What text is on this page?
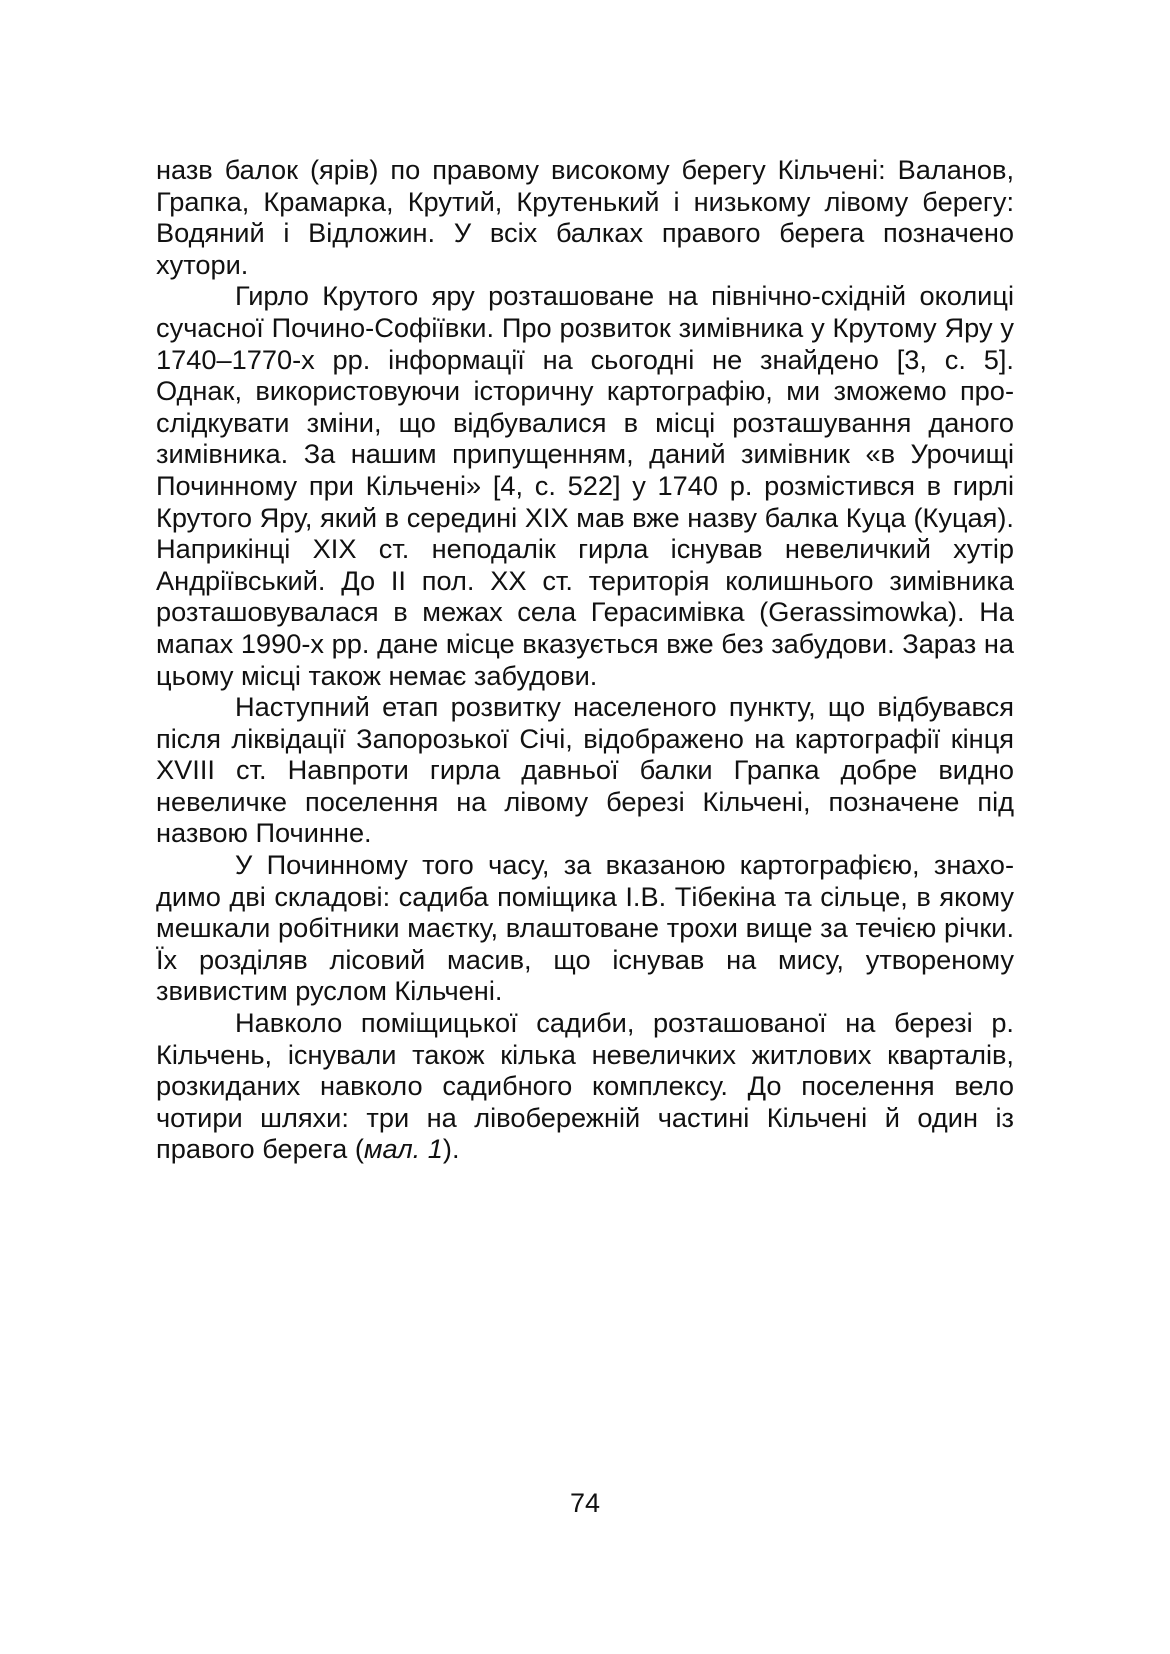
назв балок (ярів) по правому високому берегу Кільчені: Валанов, Грапка, Крамарка, Крутий, Крутенький і низькому лівому берегу: Водяний і Відложин. У всіх балках правого берега позначено хутори.

Гирло Крутого яру розташоване на північно-східній околиці сучасної Почино-Софіївки. Про розвиток зимівника у Крутому Яру у 1740–1770-х рр. інформації на сьогодні не знайдено [3, с. 5]. Однак, використовуючи історичну картографію, ми зможемо прослідкувати зміни, що відбувалися в місці розташування даного зимівника. За нашим припущенням, даний зимівник «в Урочищі Починному при Кільчені» [4, с. 522] у 1740 р. розмістився в гирлі Крутого Яру, який в середині ХІХ мав вже назву балка Куца (Куцая). Наприкінці ХІХ ст. неподалік гирла існував невеличкий хутір Андріївський. До ІІ пол. ХХ ст. територія колишнього зимівника розташовувалася в межах села Герасимівка (Gerassimowka). На мапах 1990-х рр. дане місце вказується вже без забудови. Зараз на цьому місці також немає забудови.

Наступний етап розвитку населеного пункту, що відбувався після ліквідації Запорозької Січі, відображено на картографії кінця ХVІІІ ст. Навпроти гирла давньої балки Грапка добре видно невеличке поселення на лівому березі Кільчені, позначене під назвою Починне.

У Починному того часу, за вказаною картографією, знаходимо дві складові: садиба поміщика І.В. Тібекіна та сільце, в якому мешкали робітники маєтку, влаштоване трохи вище за течією річки. Їх розділяв лісовий масив, що існував на мису, утвореному звивистим руслом Кільчені.

Навколо поміщицької садиби, розташованої на березі р. Кільчень, існували також кілька невеличких житлових кварталів, розкиданих навколо садибного комплексу. До поселення вело чотири шляхи: три на лівобережній частині Кільчені й один із правого берега (мал. 1).

74
